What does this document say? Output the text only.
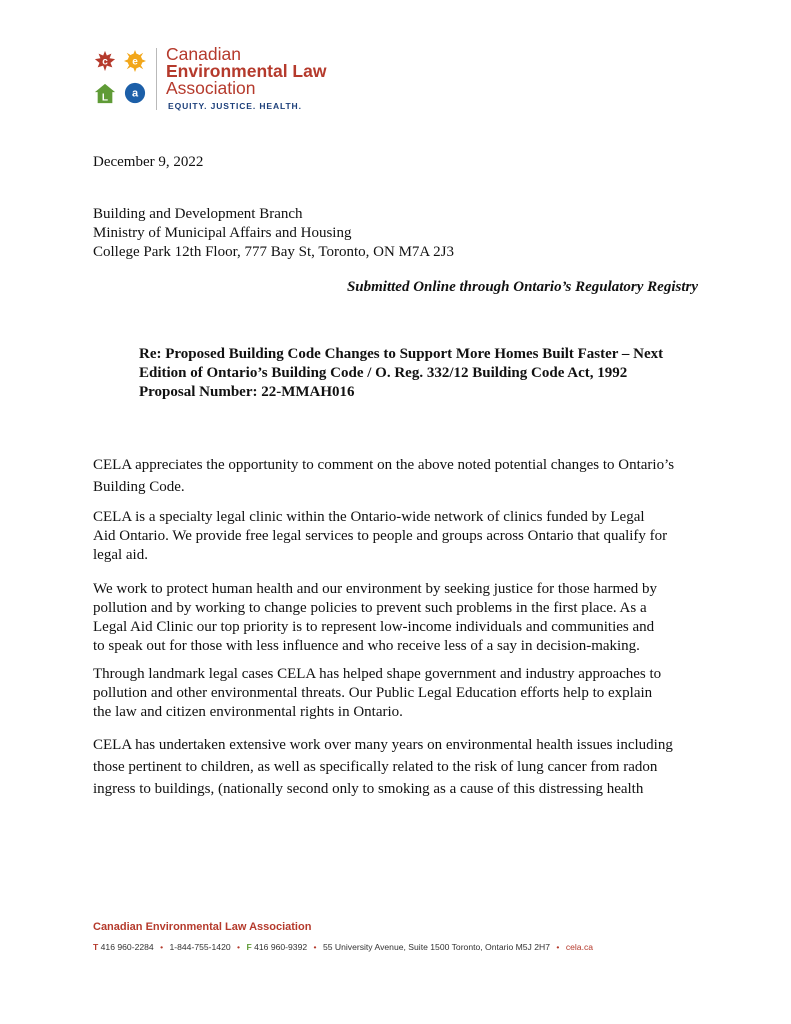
c e
L a
Canadian
Environmental Law
Association
EQUITY. JUSTICE. HEALTH.
December 9, 2022
Building and Development Branch
Ministry of Municipal Affairs and Housing
College Park 12th Floor, 777 Bay St, Toronto, ON M7A 2J3
Submitted Online through Ontario’s Regulatory Registry
Re: Proposed Building Code Changes to Support More Homes Built Faster – Next
Edition of Ontario’s Building Code / O. Reg. 332/12 Building Code Act, 1992
Proposal Number: 22-MMAH016
CELA appreciates the opportunity to comment on the above noted potential changes to Ontario’s
Building Code.
CELA is a specialty legal clinic within the Ontario-wide network of clinics funded by Legal
Aid Ontario. We provide free legal services to people and groups across Ontario that qualify for
legal aid.
We work to protect human health and our environment by seeking justice for those harmed by
pollution and by working to change policies to prevent such problems in the first place. As a
Legal Aid Clinic our top priority is to represent low-income individuals and communities and
to speak out for those with less influence and who receive less of a say in decision-making.
Through landmark legal cases CELA has helped shape government and industry approaches to
pollution and other environmental threats. Our Public Legal Education efforts help to explain
the law and citizen environmental rights in Ontario.
CELA has undertaken extensive work over many years on environmental health issues including
those pertinent to children, as well as specifically related to the risk of lung cancer from radon
ingress to buildings, (nationally second only to smoking as a cause of this distressing health
Canadian Environmental Law Association
T 416 960-2284 • 1-844-755-1420 • F 416 960-9392 • 55 University Avenue, Suite 1500 Toronto, Ontario M5J 2H7 • cela.ca
